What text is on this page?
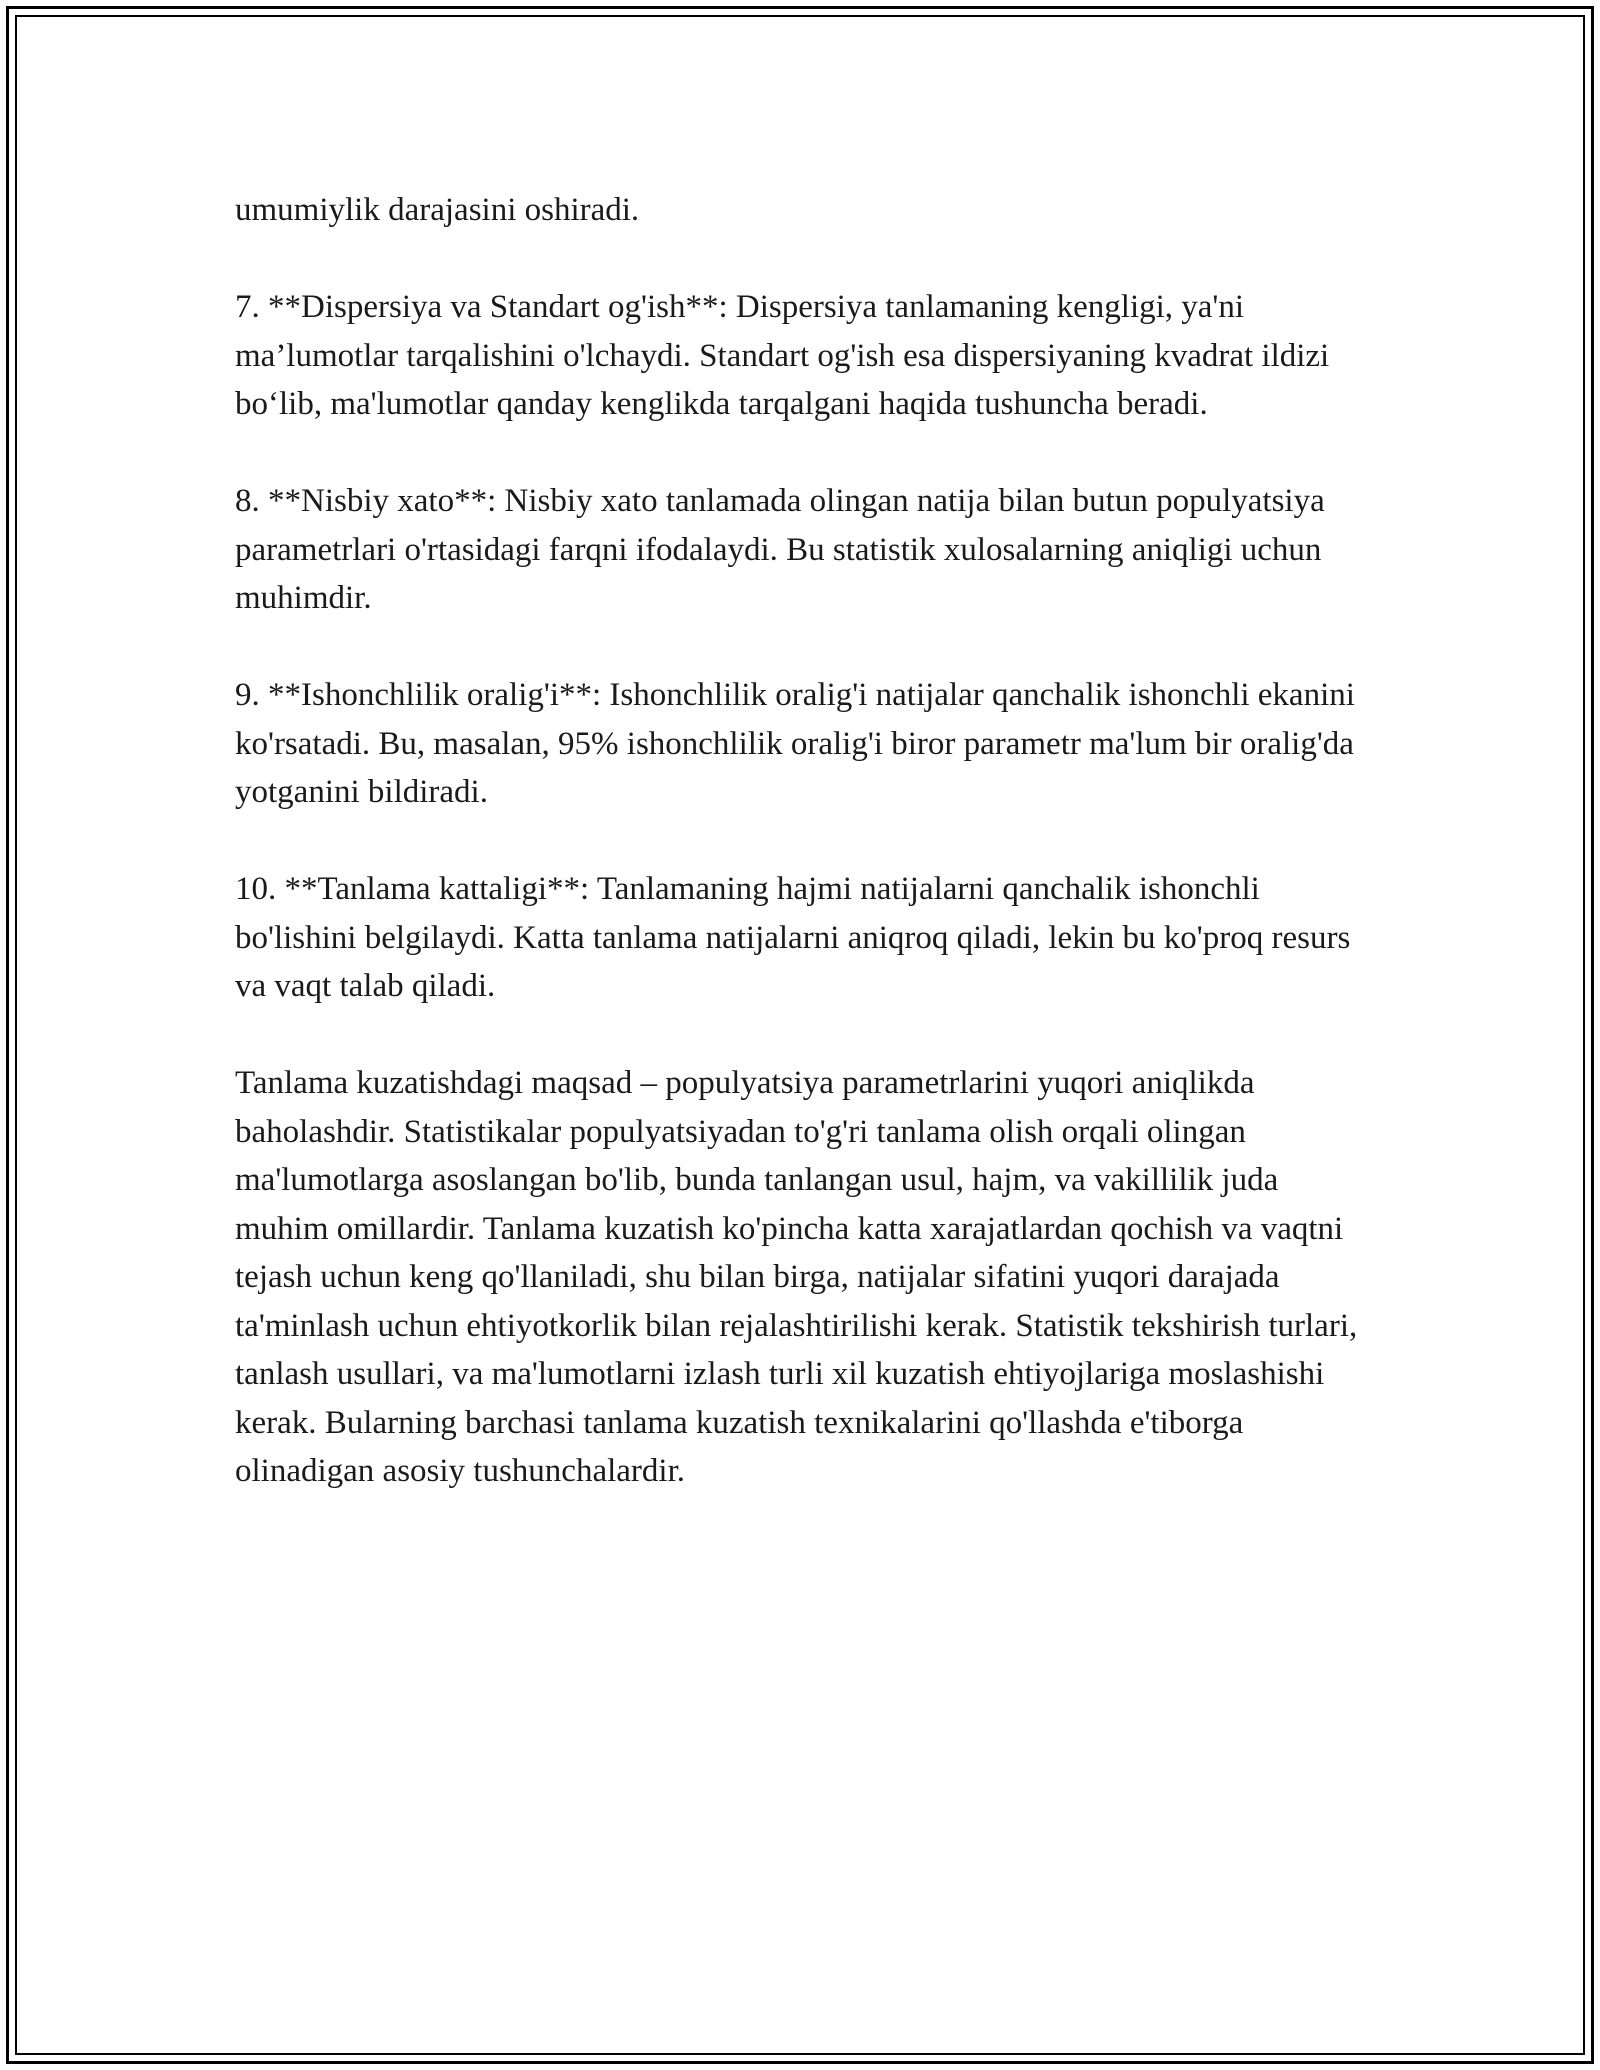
umumiylik darajasini oshiradi.

7. **Dispersiya va Standart og'ish**: Dispersiya tanlamaning kengligi, ya'ni ma’lumotlar tarqalishini o'lchaydi. Standart og'ish esa dispersiyaning kvadrat ildizi bo‘lib, ma'lumotlar qanday kenglikda tarqalgani haqida tushuncha beradi.

8. **Nisbiy xato**: Nisbiy xato tanlamada olingan natija bilan butun populyatsiya parametrlari o'rtasidagi farqni ifodalaydi. Bu statistik xulosalarning aniqligi uchun muhimdir.

9. **Ishonchlilik oralig'i**: Ishonchlilik oralig'i natijalar qanchalik ishonchli ekanini ko'rsatadi. Bu, masalan, 95% ishonchlilik oralig'i biror parametr ma'lum bir oralig'da yotganini bildiradi.

10. **Tanlama kattaligi**: Tanlamaning hajmi natijalarni qanchalik ishonchli bo'lishini belgilaydi. Katta tanlama natijalarni aniqroq qiladi, lekin bu ko'proq resurs va vaqt talab qiladi.

Tanlama kuzatishdagi maqsad – populyatsiya parametrlarini yuqori aniqlikda baholashdir. Statistikalar populyatsiyadan to'g'ri tanlama olish orqali olingan ma'lumotlarga asoslangan bo'lib, bunda tanlangan usul, hajm, va vakillilik juda muhim omillardir. Tanlama kuzatish ko'pincha katta xarajatlardan qochish va vaqtni tejash uchun keng qo'llaniladi, shu bilan birga, natijalar sifatini yuqori darajada ta'minlash uchun ehtiyotkorlik bilan rejalashtirilishi kerak. Statistik tekshirish turlari, tanlash usullari, va ma'lumotlarni izlash turli xil kuzatish ehtiyojlariga moslashishi kerak. Bularning barchasi tanlama kuzatish texnikalarini qo'llashda e'tiborga olinadigan asosiy tushunchalardir.
